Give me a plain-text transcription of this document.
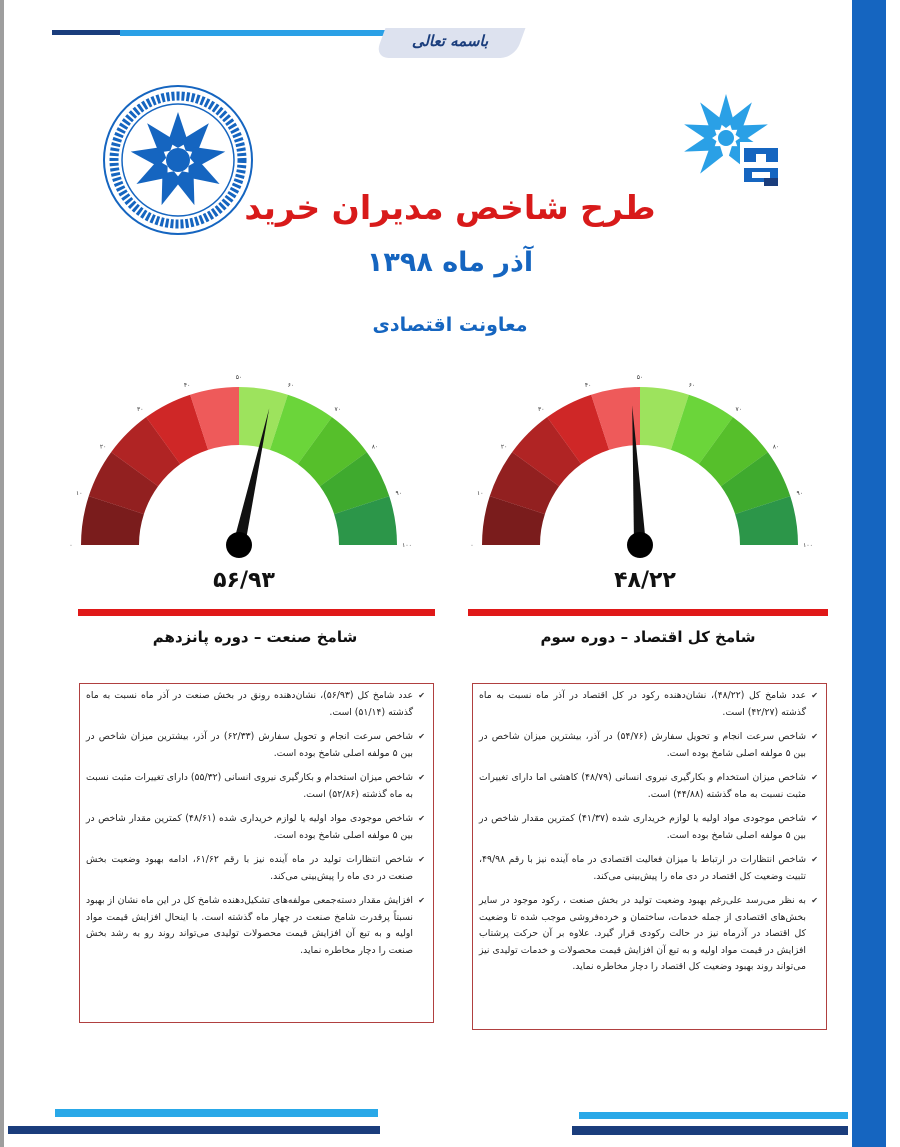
باسمه تعالی
طرح شاخص مدیران خرید
آذر ماه ۱۳۹۸
معاونت اقتصادی
۰
۱۰
۲۰
۳۰
۴۰
۵۰
۶۰
۷۰
۸۰
۹۰
۱۰۰	۰
۱۰
۲۰
۳۰
۴۰
۵۰
۶۰
۷۰
۸۰
۹۰
۱۰۰
۵۶/۹۳	۴۸/۲۲
شامخ صنعت – دوره پانزدهم	شامخ کل اقتصاد – دوره سوم
✔ عدد شامخ کل (۵۶/۹۳)، نشان‌دهنده رونق در بخش صنعت در آذر ماه نسبت به ماه گذشته (۵۱/۱۴) است.
✔ شاخص سرعت انجام و تحویل سفارش (۶۲/۳۳) در آذر، بیشترین میزان شاخص در بین ۵ مولفه اصلی شامخ بوده است.
✔ شاخص میزان استخدام و بکارگیری نیروی انسانی (۵۵/۳۲) دارای تغییرات مثبت نسبت به ماه گذشته (۵۲/۸۶) است.
✔ شاخص موجودی مواد اولیه یا لوازم خریداری شده (۴۸/۶۱) کمترین مقدار شاخص در بین ۵ مولفه اصلی شامخ بوده است.
✔ شاخص انتظارات تولید در ماه آینده نیز با رقم ۶۱/۶۲، ادامه بهبود وضعیت بخش صنعت در دی ماه را پیش‌بینی می‌کند.
✔ افزایش مقدار دسته‌جمعی مولفه‌های تشکیل‌دهنده شامخ کل در این ماه نشان از بهبود نسبتاً پرقدرت شامخ صنعت در چهار ماه گذشته است. با اینحال افزایش قیمت مواد اولیه و به تبع آن افزایش قیمت محصولات تولیدی می‌تواند روند رو به رشد بخش صنعت را دچار مخاطره نماید.
✔ عدد شامخ کل (۴۸/۲۲)، نشان‌دهنده رکود در کل اقتصاد در آذر ماه نسبت به ماه گذشته (۴۲/۲۷) است.
✔ شاخص سرعت انجام و تحویل سفارش (۵۴/۷۶) در آذر، بیشترین میزان شاخص در بین ۵ مولفه اصلی شامخ بوده است.
✔ شاخص میزان استخدام و بکارگیری نیروی انسانی (۴۸/۷۹) کاهشی اما دارای تغییرات مثبت نسبت به ماه گذشته (۴۴/۸۸) است.
✔ شاخص موجودی مواد اولیه یا لوازم خریداری شده (۴۱/۳۷) کمترین مقدار شاخص در بین ۵ مولفه اصلی شامخ بوده است.
✔ شاخص انتظارات در ارتباط با میزان فعالیت اقتصادی در ماه آینده نیز با رقم ۴۹/۹۸، تثبیت وضعیت کل اقتصاد در دی ماه را پیش‌بینی می‌کند.
✔ به نظر می‌رسد علی‌رغم بهبود وضعیت تولید در بخش صنعت ، رکود موجود در سایر بخش‌های اقتصادی از جمله خدمات، ساختمان و خرده‌فروشی موجب شده تا وضعیت کل اقتصاد در آذرماه نیز در حالت رکودی قرار گیرد. علاوه بر آن حرکت پرشتاب افزایش در قیمت مواد اولیه و به تبع آن افزایش قیمت محصولات و خدمات تولیدی نیز می‌تواند روند بهبود وضعیت کل اقتصاد را دچار مخاطره نماید.
